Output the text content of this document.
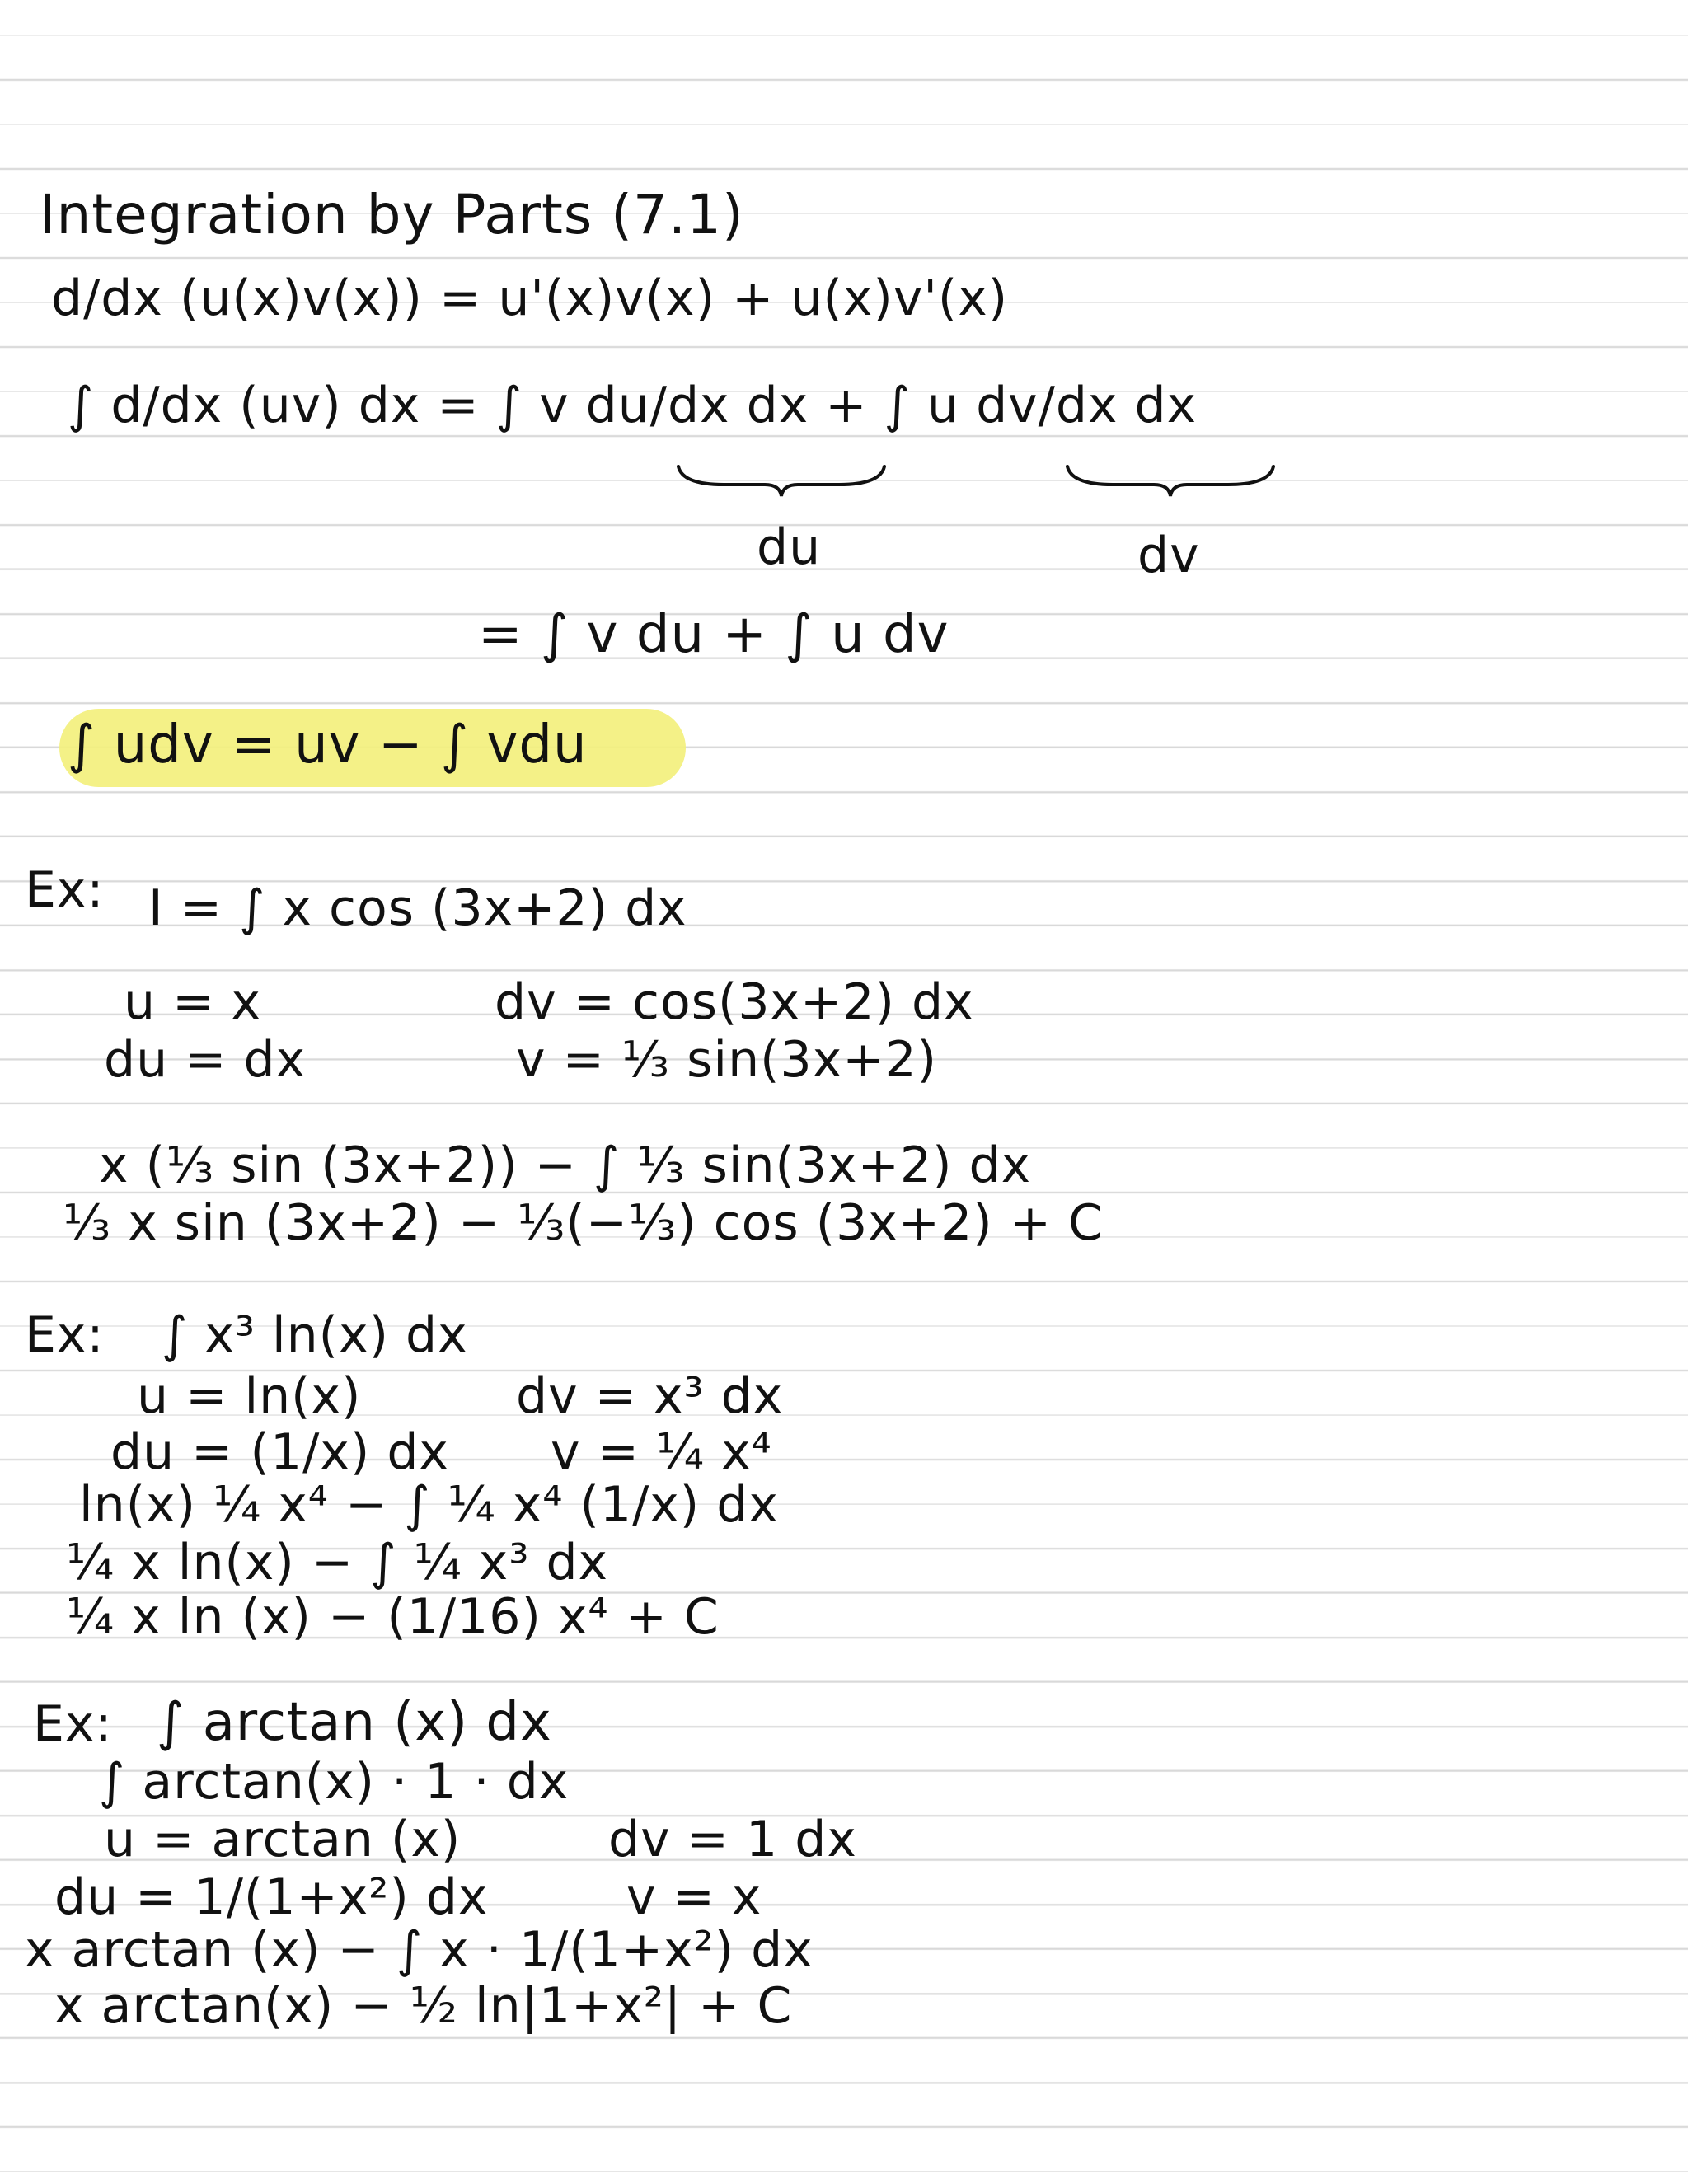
Integration by Parts (7.1)
d/dx (u(x)v(x)) = u'(x)v(x) + u(x)v'(x)
∫ d/dx (uv) dx = ∫ v du/dx dx + ∫ u dv/dx dx
du	dv
= ∫ v du + ∫ u dv
∫ udv = uv − ∫ vdu
Ex: I = ∫ x cos (3x+2) dx
u = x	dv = cos(3x+2) dx
du = dx	v = ⅓ sin(3x+2)
x (⅓ sin (3x+2)) − ∫ ⅓ sin(3x+2) dx
⅓ x sin (3x+2) − ⅓(−⅓) cos (3x+2) + C
Ex: ∫ x³ ln(x) dx
u = ln(x)	dv = x³ dx
du = (1/x) dx v = ¼ x⁴
ln(x) ¼ x⁴ − ∫ ¼ x⁴ (1/x) dx
¼ x ln(x) − ∫ ¼ x³ dx
¼ x ln (x) − (1/16) x⁴ + C
Ex: ∫ arctan (x) dx
∫ arctan(x) · 1 · dx
u = arctan (x)	dv = 1 dx
du = 1/(1+x²) dx	v = x
x arctan (x) − ∫ x · 1/(1+x²) dx
x arctan(x) − ½ ln|1+x²| + C
